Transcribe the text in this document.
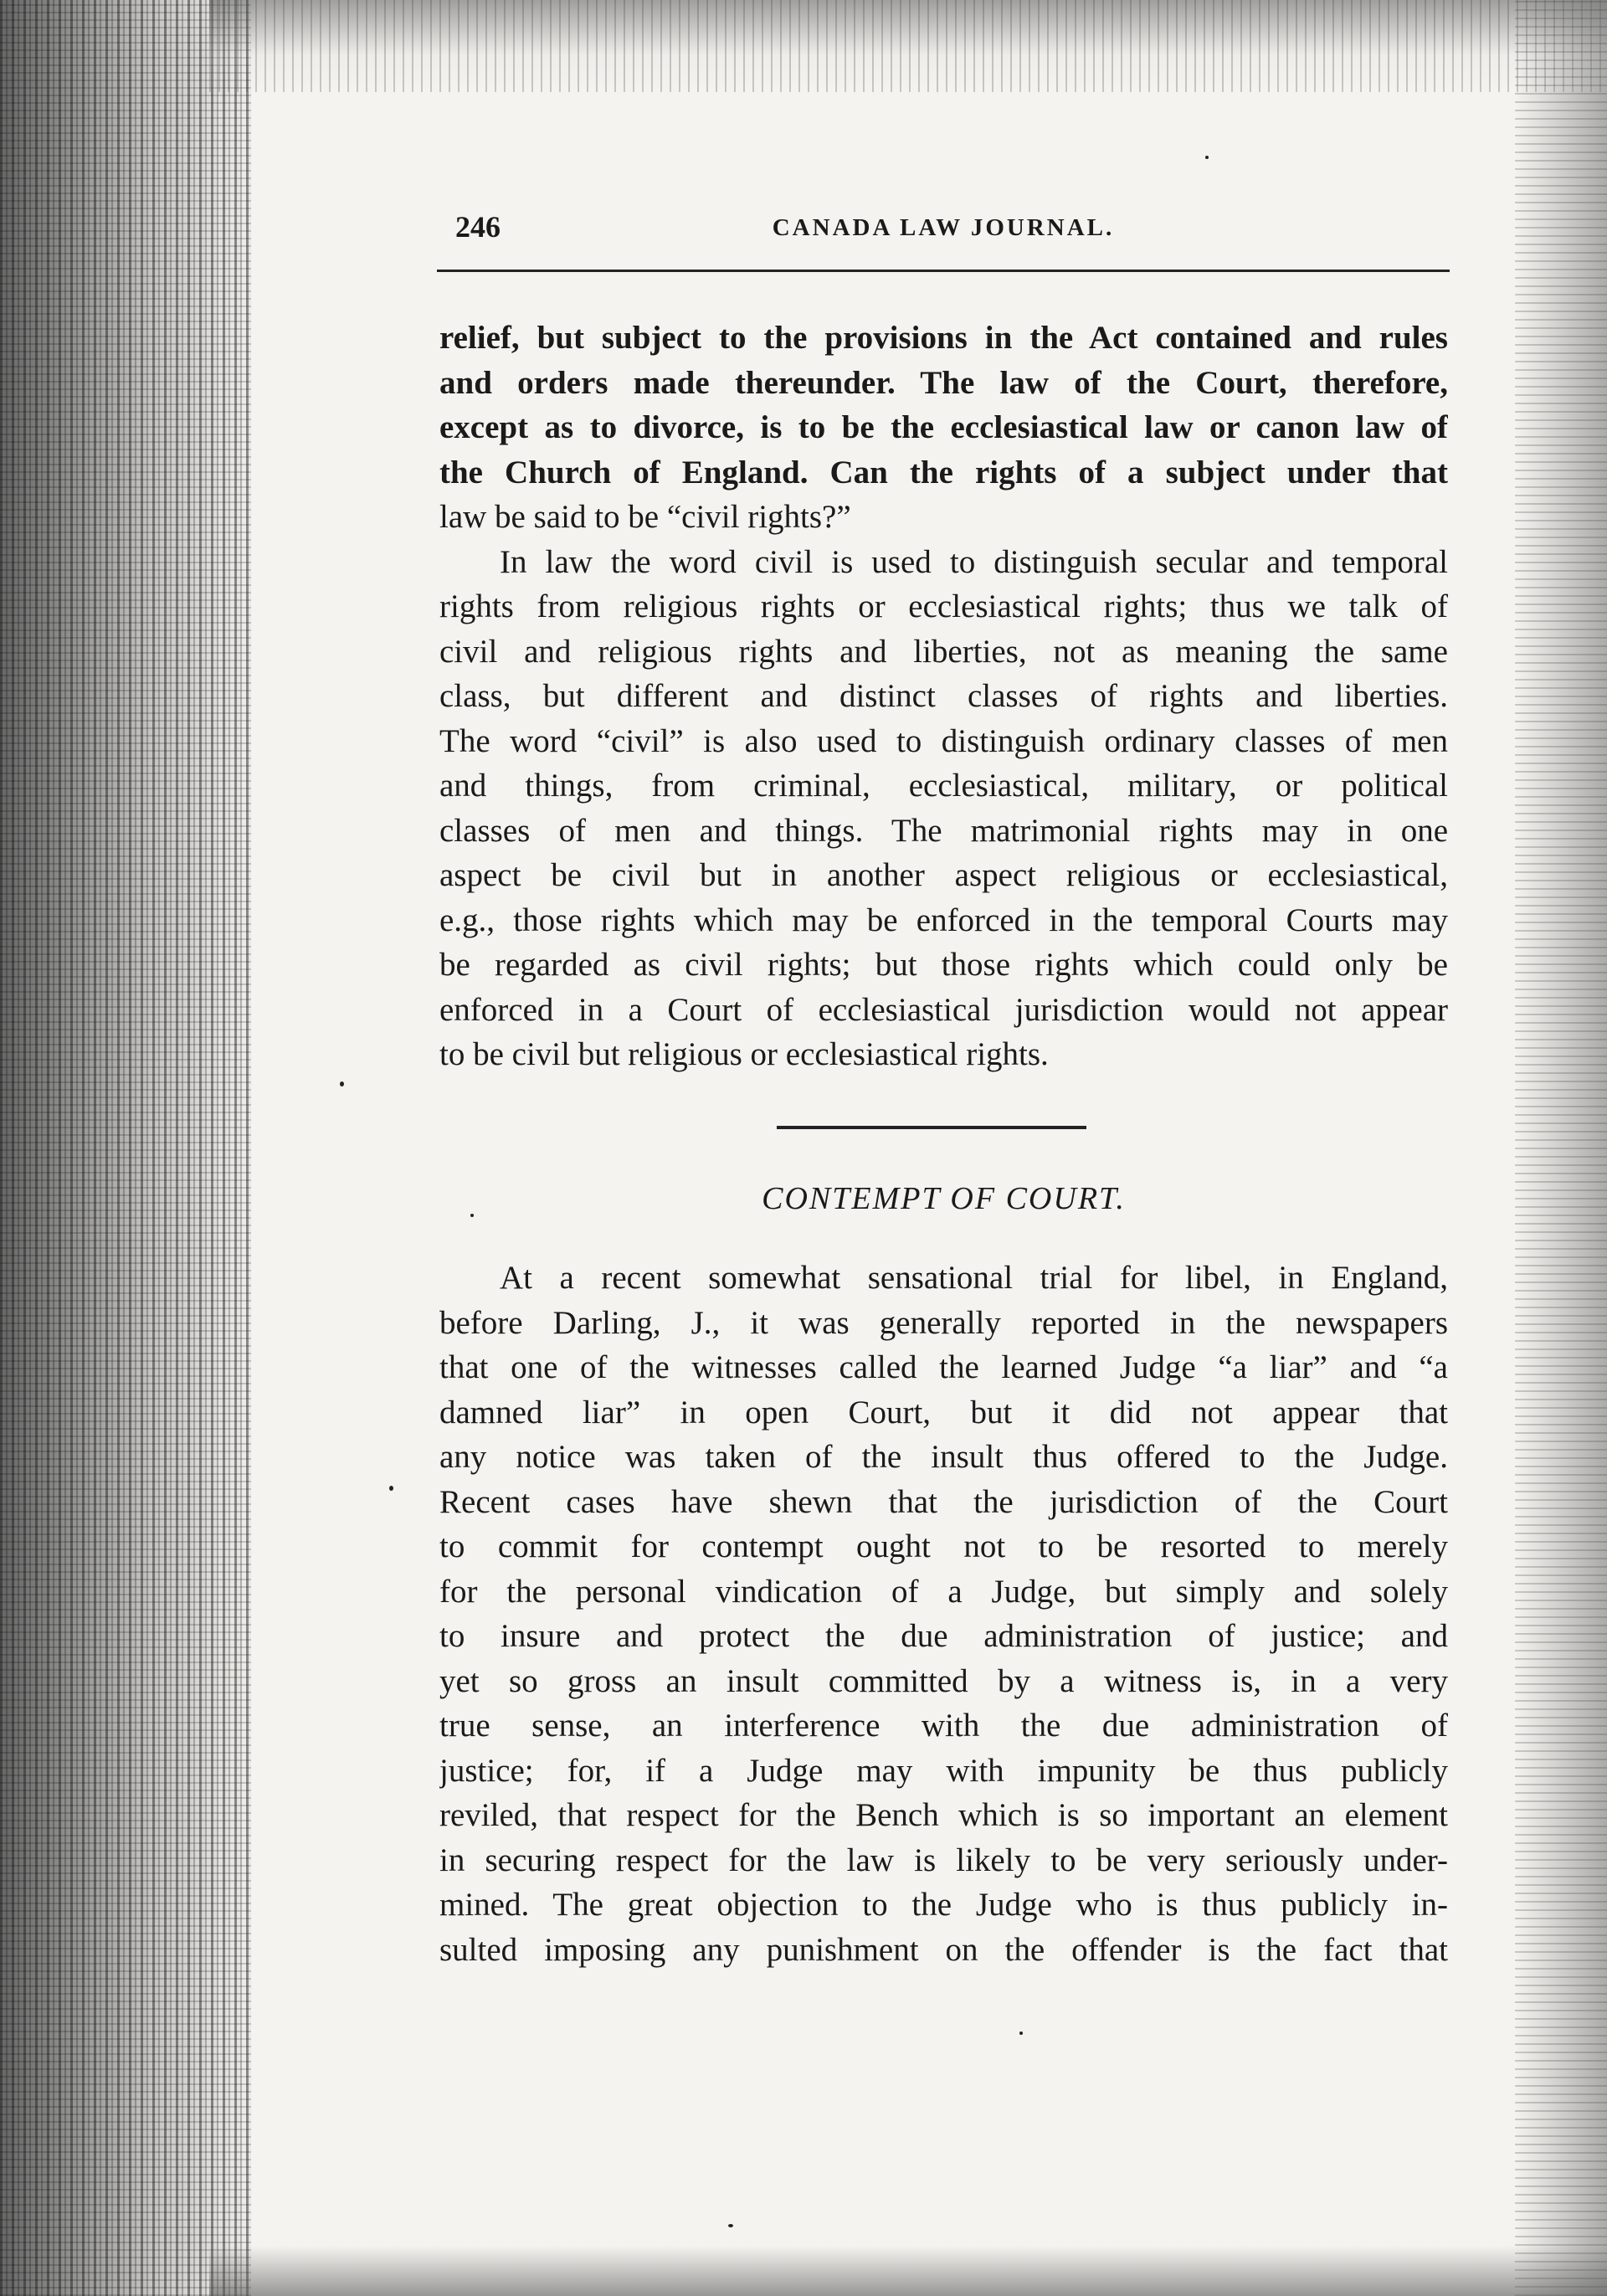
246	CANADA LAW JOURNAL.
relief, but subject to the provisions in the Act contained and rules
and orders made thereunder. The law of the Court, therefore,
except as to divorce, is to be the ecclesiastical law or canon law of
the Church of England. Can the rights of a subject under that
law be said to be “civil rights?”
In law the word civil is used to distinguish secular and temporal
rights from religious rights or ecclesiastical rights; thus we talk of
civil and religious rights and liberties, not as meaning the same
class, but different and distinct classes of rights and liberties.
The word “civil” is also used to distinguish ordinary classes of men
and things, from criminal, ecclesiastical, military, or political
classes of men and things. The matrimonial rights may in one
aspect be civil but in another aspect religious or ecclesiastical,
e.g., those rights which may be enforced in the temporal Courts may
be regarded as civil rights; but those rights which could only be
enforced in a Court of ecclesiastical jurisdiction would not appear
to be civil but religious or ecclesiastical rights.
CONTEMPT OF COURT.
At a recent somewhat sensational trial for libel, in England,
before Darling, J., it was generally reported in the newspapers
that one of the witnesses called the learned Judge “a liar” and “a
damned liar” in open Court, but it did not appear that
any notice was taken of the insult thus offered to the Judge.
Recent cases have shewn that the jurisdiction of the Court
to commit for contempt ought not to be resorted to merely
for the personal vindication of a Judge, but simply and solely
to insure and protect the due administration of justice; and
yet so gross an insult committed by a witness is, in a very
true sense, an interference with the due administration of
justice; for, if a Judge may with impunity be thus publicly
reviled, that respect for the Bench which is so important an element
in securing respect for the law is likely to be very seriously under-
mined. The great objection to the Judge who is thus publicly in-
sulted imposing any punishment on the offender is the fact that
